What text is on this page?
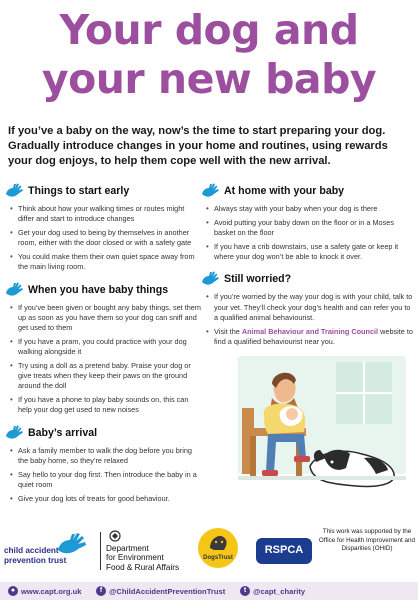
Your dog and
your new baby

If you’ve a baby on the way, now’s the time to start preparing your dog. Gradually introduce changes in your home and routines, using rewards your dog enjoys, to help them cope well with the new arrival.

Things to start early
• Think about how your walking times or routes might differ and start to introduce changes
• Get your dog used to being by themselves in another room, either with the door closed or with a safety gate
• You could make them their own quiet space away from the main living room.
When you have baby things
• If you’ve been given or bought any baby things, set them up as soon as you have them so your dog can sniff and get used to them
• If you have a pram, you could practice with your dog walking alongside it
• Try using a doll as a pretend baby. Praise your dog or give treats when they keep their paws on the ground around the doll
• If you have a phone to play baby sounds on, this can help your dog get used to new noises
Baby’s arrival
• Ask a family member to walk the dog before you bring the baby home, so they’re relaxed
• Say hello to your dog first. Then introduce the baby in a quiet room
• Give your dog lots of treats for good behaviour.
At home with your baby
• Always stay with your baby when your dog is there
• Avoid putting your baby down on the floor or in a Moses basket on the floor
• If you have a crib downstairs, use a safety gate or keep it where your dog won’t be able to knock it over.
Still worried?
• If you’re worried by the way your dog is with your child, talk to your vet. They’ll check your dog’s health and can refer you to a qualified animal behaviourist.
• Visit the Animal Behaviour and Training Council website to find a qualified behaviourist near you.
child accident prevention trust
Department
for Environment
Food & Rural Affairs
DogsTrust
RSPCA
This work was supported by the Office for Health Improvement and Disparities (OHID)
● www.capt.org.uk	f @ChildAccidentPreventionTrust	t @capt_charity
